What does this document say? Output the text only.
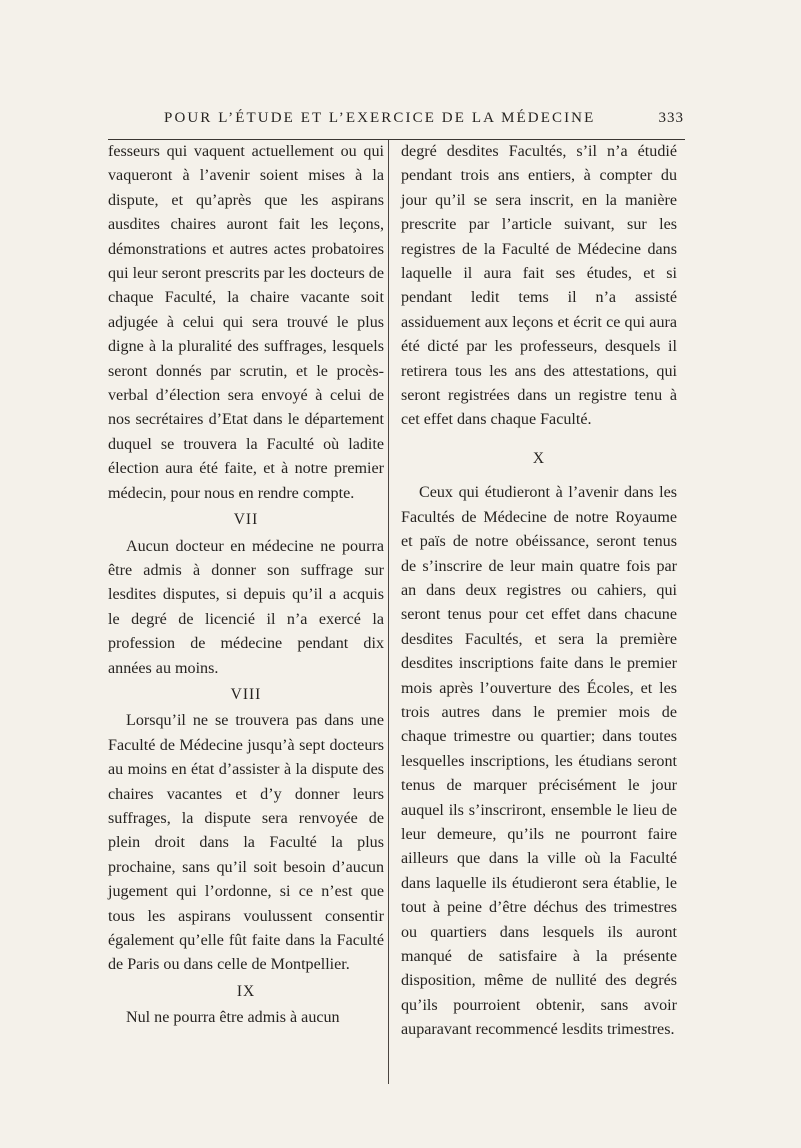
POUR L’ÉTUDE ET L’EXERCICE DE LA MÉDECINE	333

fesseurs qui vaquent actuellement ou qui vaqueront à l’avenir soient mises à la dispute, et qu’après que les aspirans ausdites chaires auront fait les leçons, démonstrations et autres actes probatoires qui leur seront prescrits par les docteurs de chaque Faculté, la chaire vacante soit adjugée à celui qui sera trouvé le plus digne à la pluralité des suffrages, lesquels seront donnés par scrutin, et le procès-verbal d’élection sera envoyé à celui de nos secrétaires d’Etat dans le département duquel se trouvera la Faculté où ladite élection aura été faite, et à notre premier médecin, pour nous en rendre compte.

VII

Aucun docteur en médecine ne pourra être admis à donner son suffrage sur lesdites disputes, si depuis qu’il a acquis le degré de licencié il n’a exercé la profession de médecine pendant dix années au moins.

VIII

Lorsqu’il ne se trouvera pas dans une Faculté de Médecine jusqu’à sept docteurs au moins en état d’assister à la dispute des chaires vacantes et d’y donner leurs suffrages, la dispute sera renvoyée de plein droit dans la Faculté la plus prochaine, sans qu’il soit besoin d’aucun jugement qui l’ordonne, si ce n’est que tous les aspirans voulussent consentir également qu’elle fût faite dans la Faculté de Paris ou dans celle de Montpellier.

IX

Nul ne pourra être admis à aucun

degré desdites Facultés, s’il n’a étudié pendant trois ans entiers, à compter du jour qu’il se sera inscrit, en la manière prescrite par l’article suivant, sur les registres de la Faculté de Médecine dans laquelle il aura fait ses études, et si pendant ledit tems il n’a assisté assiduement aux leçons et écrit ce qui aura été dicté par les professeurs, desquels il retirera tous les ans des attestations, qui seront registrées dans un registre tenu à cet effet dans chaque Faculté.

X

Ceux qui étudieront à l’avenir dans les Facultés de Médecine de notre Royaume et païs de notre obéissance, seront tenus de s’inscrire de leur main quatre fois par an dans deux registres ou cahiers, qui seront tenus pour cet effet dans chacune desdites Facultés, et sera la première desdites inscriptions faite dans le premier mois après l’ouverture des Écoles, et les trois autres dans le premier mois de chaque trimestre ou quartier; dans toutes lesquelles inscriptions, les étudians seront tenus de marquer précisément le jour auquel ils s’inscriront, ensemble le lieu de leur demeure, qu’ils ne pourront faire ailleurs que dans la ville où la Faculté dans laquelle ils étudieront sera établie, le tout à peine d’être déchus des trimestres ou quartiers dans lesquels ils auront manqué de satisfaire à la présente disposition, même de nullité des degrés qu’ils pourroient obtenir, sans avoir auparavant recommencé lesdits trimestres.
